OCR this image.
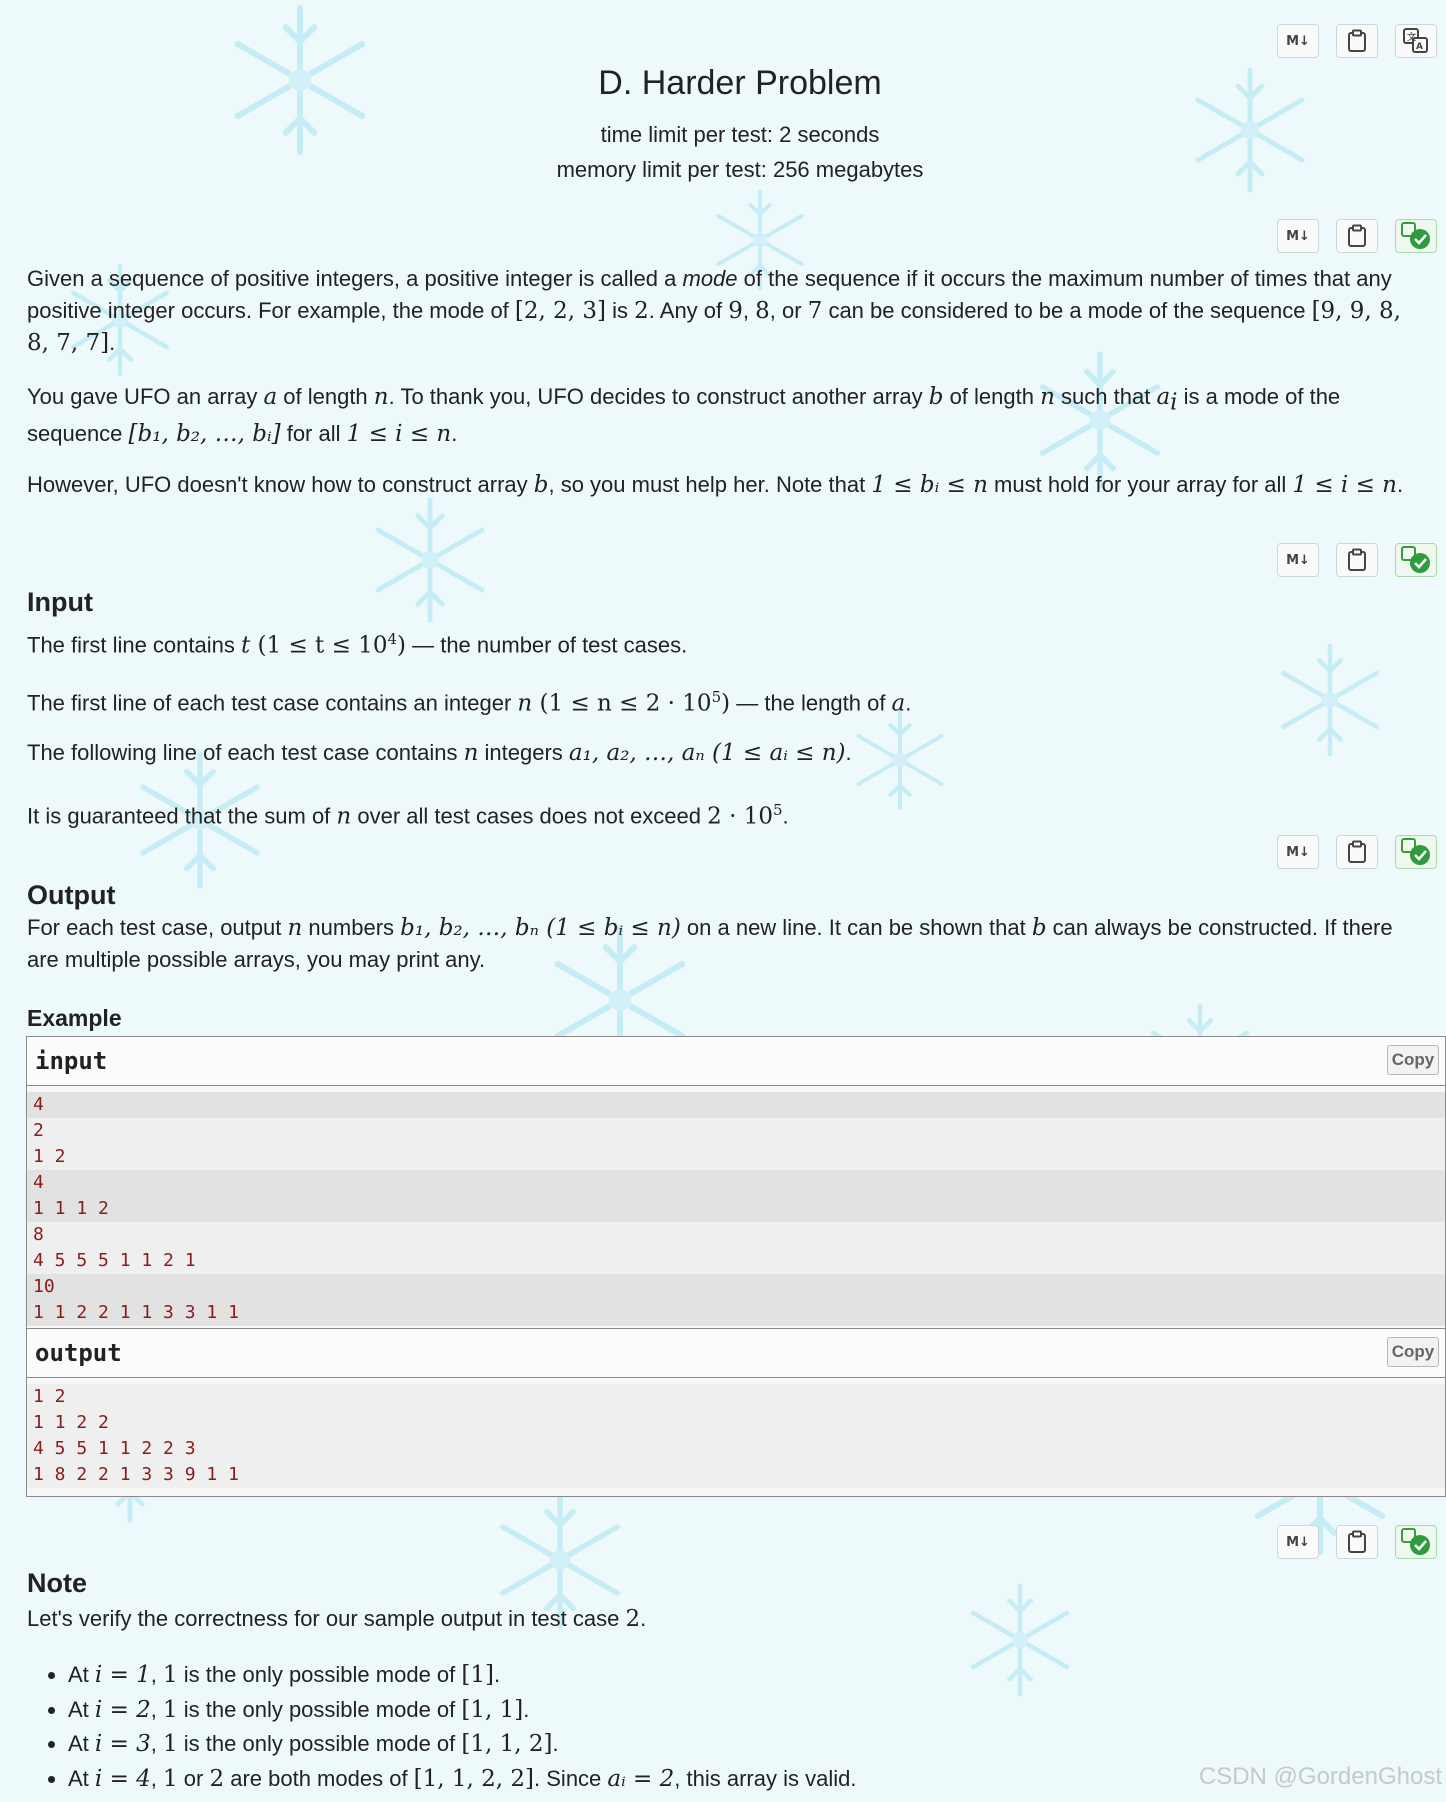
M↓	文
A
D. Harder Problem
time limit per test: 2 seconds
memory limit per test: 256 megabytes
M↓

Given a sequence of positive integers, a positive integer is called a mode of the sequence if it occurs the maximum number of times that any positive integer occurs. For example, the mode of [2, 2, 3] is 2. Any of 9, 8, or 7 can be considered to be a mode of the sequence [9, 9, 8, 8, 7, 7].

You gave UFO an array a of length n. To thank you, UFO decides to construct another array b of length n such that $a_i$ is a mode of the sequence [b₁, b₂, …, bᵢ] for all 1 ≤ i ≤ n.

However, UFO doesn't know how to construct array b, so you must help her. Note that 1 ≤ bᵢ ≤ n must hold for your array for all 1 ≤ i ≤ n.

M↓
Input

The first line contains t $(1 \le t \le 10^4)$ — the number of test cases.

The first line of each test case contains an integer n $(1 \le n \le 2 \cdot 10^5)$ — the length of a.

The following line of each test case contains n integers a₁, a₂, …, aₙ (1 ≤ aᵢ ≤ n).

It is guaranteed that the sum of n over all test cases does not exceed $2 \cdot 10^5$.

M↓
Output

For each test case, output n numbers b₁, b₂, …, bₙ (1 ≤ bᵢ ≤ n) on a new line. It can be shown that b can always be constructed. If there are multiple possible arrays, you may print any.

Example
input	Copy
4
2
1 2
4
1 1 1 2
8
4 5 5 5 1 1 2 1
10
1 1 2 2 1 1 3 3 1 1
output	Copy
1 2
1 1 2 2
4 5 5 1 1 2 2 3
1 8 2 2 1 3 3 9 1 1
M↓
Note

Let's verify the correctness for our sample output in test case 2.

• At i = 1, 1 is the only possible mode of [1].
• At i = 2, 1 is the only possible mode of [1, 1].
• At i = 3, 1 is the only possible mode of [1, 1, 2].
• At i = 4, 1 or 2 are both modes of [1, 1, 2, 2]. Since aᵢ = 2, this array is valid.	CSDN @GordenGhost
